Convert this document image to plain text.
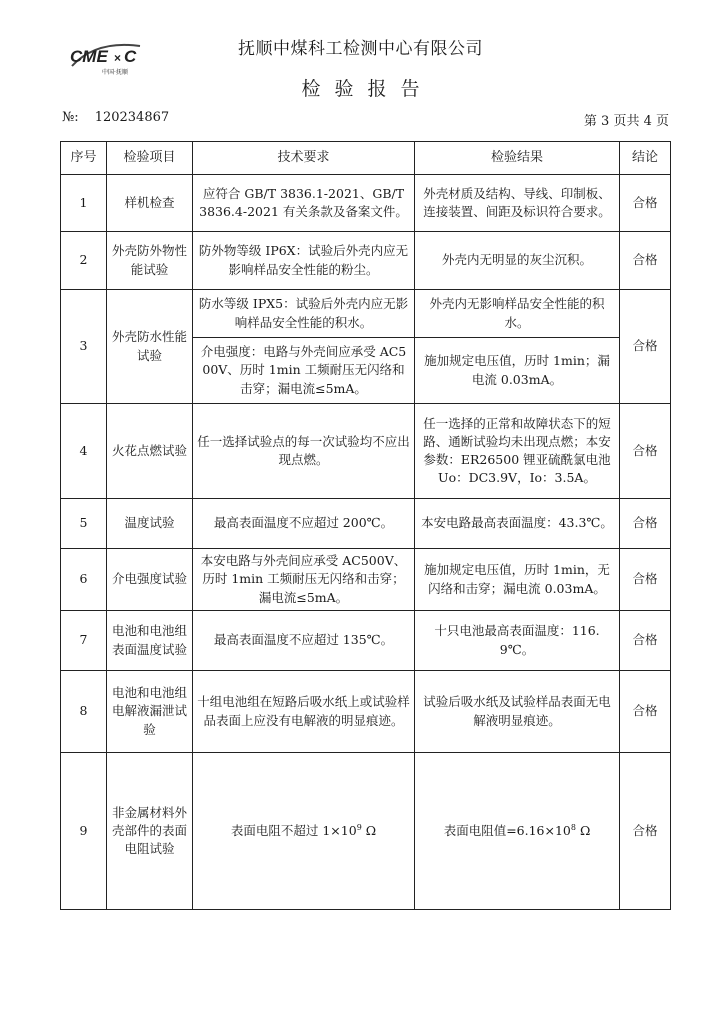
CME × C
中国·抚顺
抚顺中煤科工检测中心有限公司
检验报告
№: 120234867	第 3 页共 4 页
序号	检验项目	技术要求	检验结果	结论
1	样机检查	应符合 GB/T 3836.1-2021、GB/T 3836.4-2021 有关条款及备案文件。	外壳材质及结构、导线、印制板、连接装置、间距及标识符合要求。	合格
2	外壳防外物性能试验	防外物等级 IP6X：试验后外壳内应无影响样品安全性能的粉尘。	外壳内无明显的灰尘沉积。	合格
3	外壳防水性能试验	防水等级 IPX5：试验后外壳内应无影响样品安全性能的积水。	外壳内无影响样品安全性能的积水。	合格
		介电强度：电路与外壳间应承受 AC500V、历时 1min 工频耐压无闪络和击穿；漏电流≤5mA。	施加规定电压值，历时 1min；漏电流 0.03mA。	
4	火花点燃试验	任一选择试验点的每一次试验均不应出现点燃。	任一选择的正常和故障状态下的短路、通断试验均未出现点燃；本安参数：ER26500 锂亚硫酰氯电池 Uo：DC3.9V，Io：3.5A。	合格
5	温度试验	最高表面温度不应超过 200℃。	本安电路最高表面温度：43.3℃。	合格
6	介电强度试验	本安电路与外壳间应承受 AC500V、历时 1min 工频耐压无闪络和击穿；漏电流≤5mA。	施加规定电压值，历时 1min，无闪络和击穿；漏电流 0.03mA。	合格
7	电池和电池组表面温度试验	最高表面温度不应超过 135℃。	十只电池最高表面温度：116.9℃。	合格
8	电池和电池组电解液漏泄试验	十组电池组在短路后吸水纸上或试验样品表面上应没有电解液的明显痕迹。	试验后吸水纸及试验样品表面无电解液明显痕迹。	合格
9	非金属材料外壳部件的表面电阻试验	表面电阻不超过 $1\times 10^9$ Ω	表面电阻值$=6.16\times 10^8$ Ω	合格
